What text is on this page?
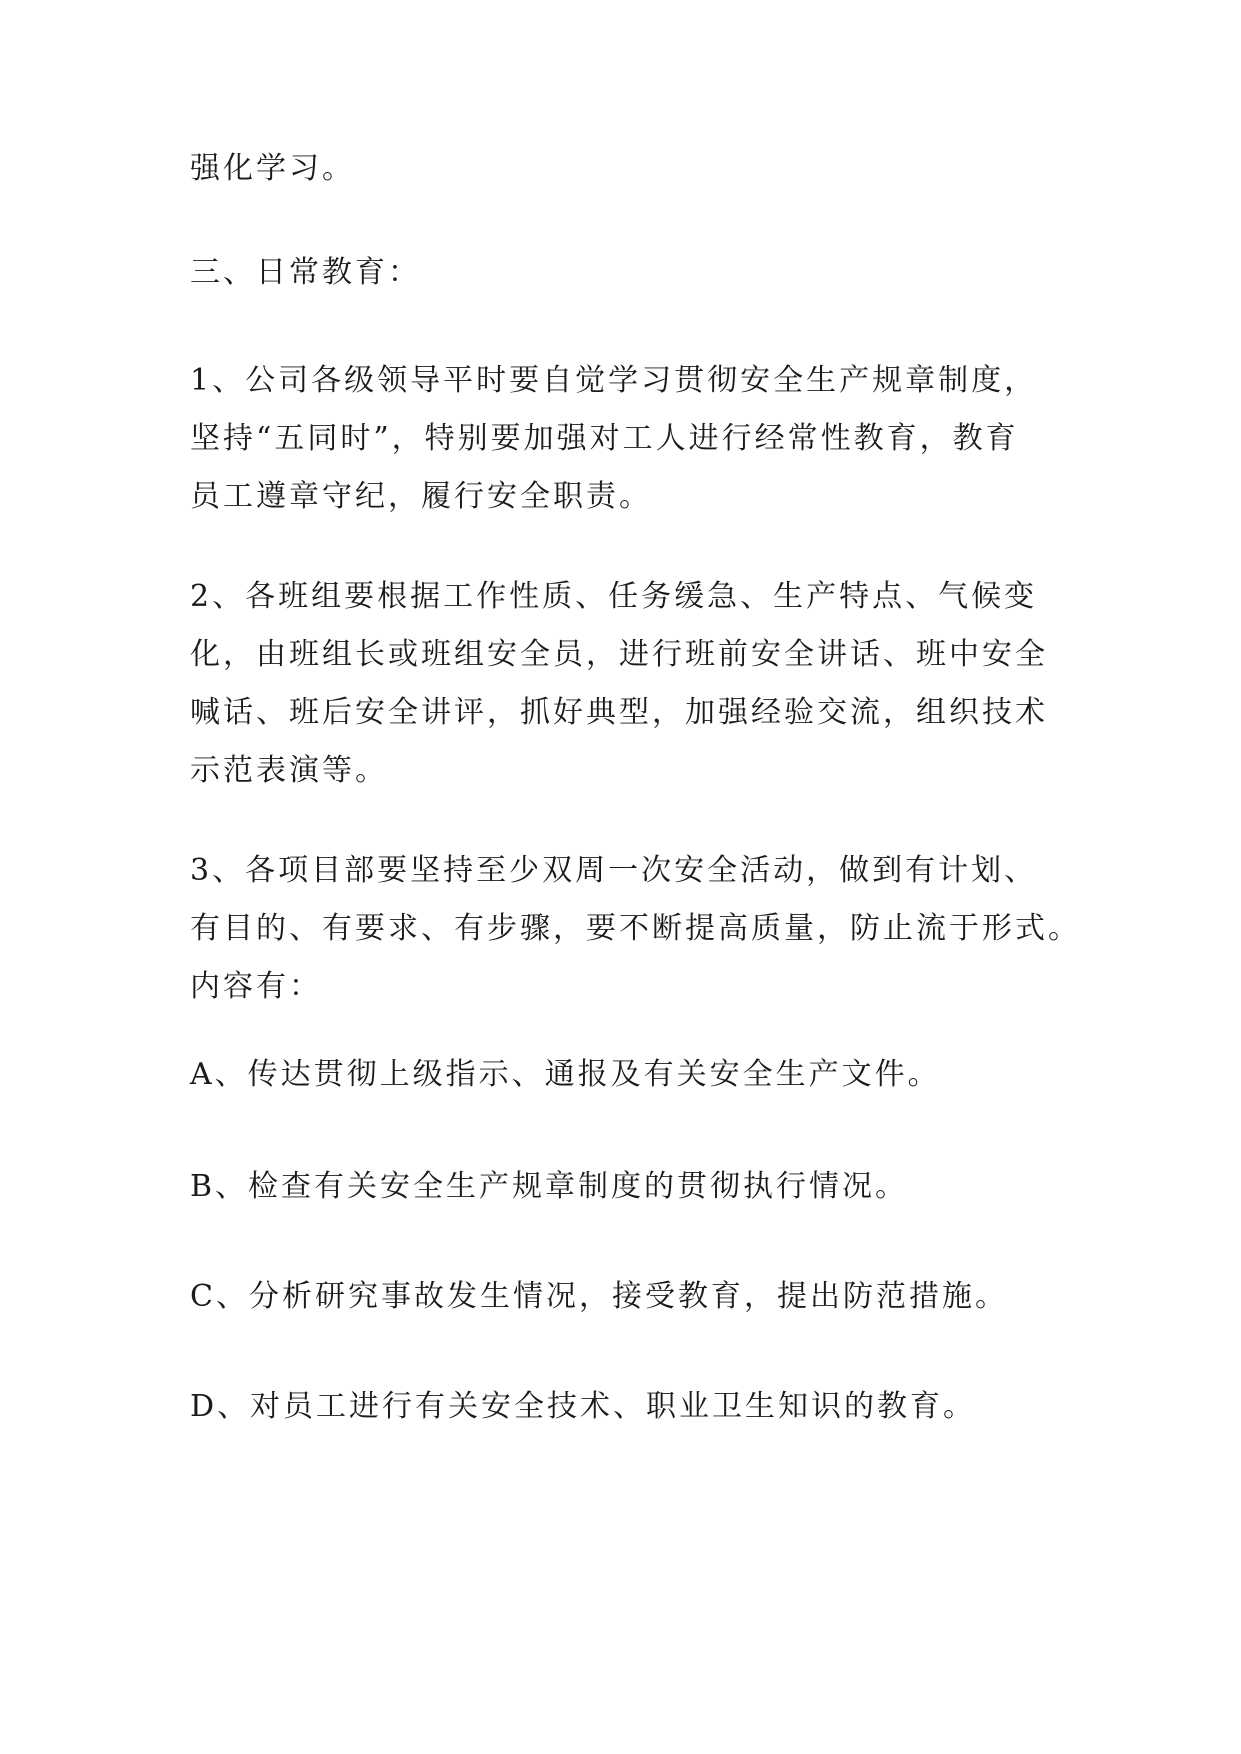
强化学习。

三、日常教育：

1、公司各级领导平时要自觉学习贯彻安全生产规章制度，
坚持“五同时”，特别要加强对工人进行经常性教育，教育
员工遵章守纪，履行安全职责。

2、各班组要根据工作性质、任务缓急、生产特点、气候变
化，由班组长或班组安全员，进行班前安全讲话、班中安全
喊话、班后安全讲评，抓好典型，加强经验交流，组织技术
示范表演等。

3、各项目部要坚持至少双周一次安全活动，做到有计划、
有目的、有要求、有步骤，要不断提高质量，防止流于形式。
内容有：

A、传达贯彻上级指示、通报及有关安全生产文件。

B、检查有关安全生产规章制度的贯彻执行情况。

C、分析研究事故发生情况，接受教育，提出防范措施。

D、对员工进行有关安全技术、职业卫生知识的教育。
